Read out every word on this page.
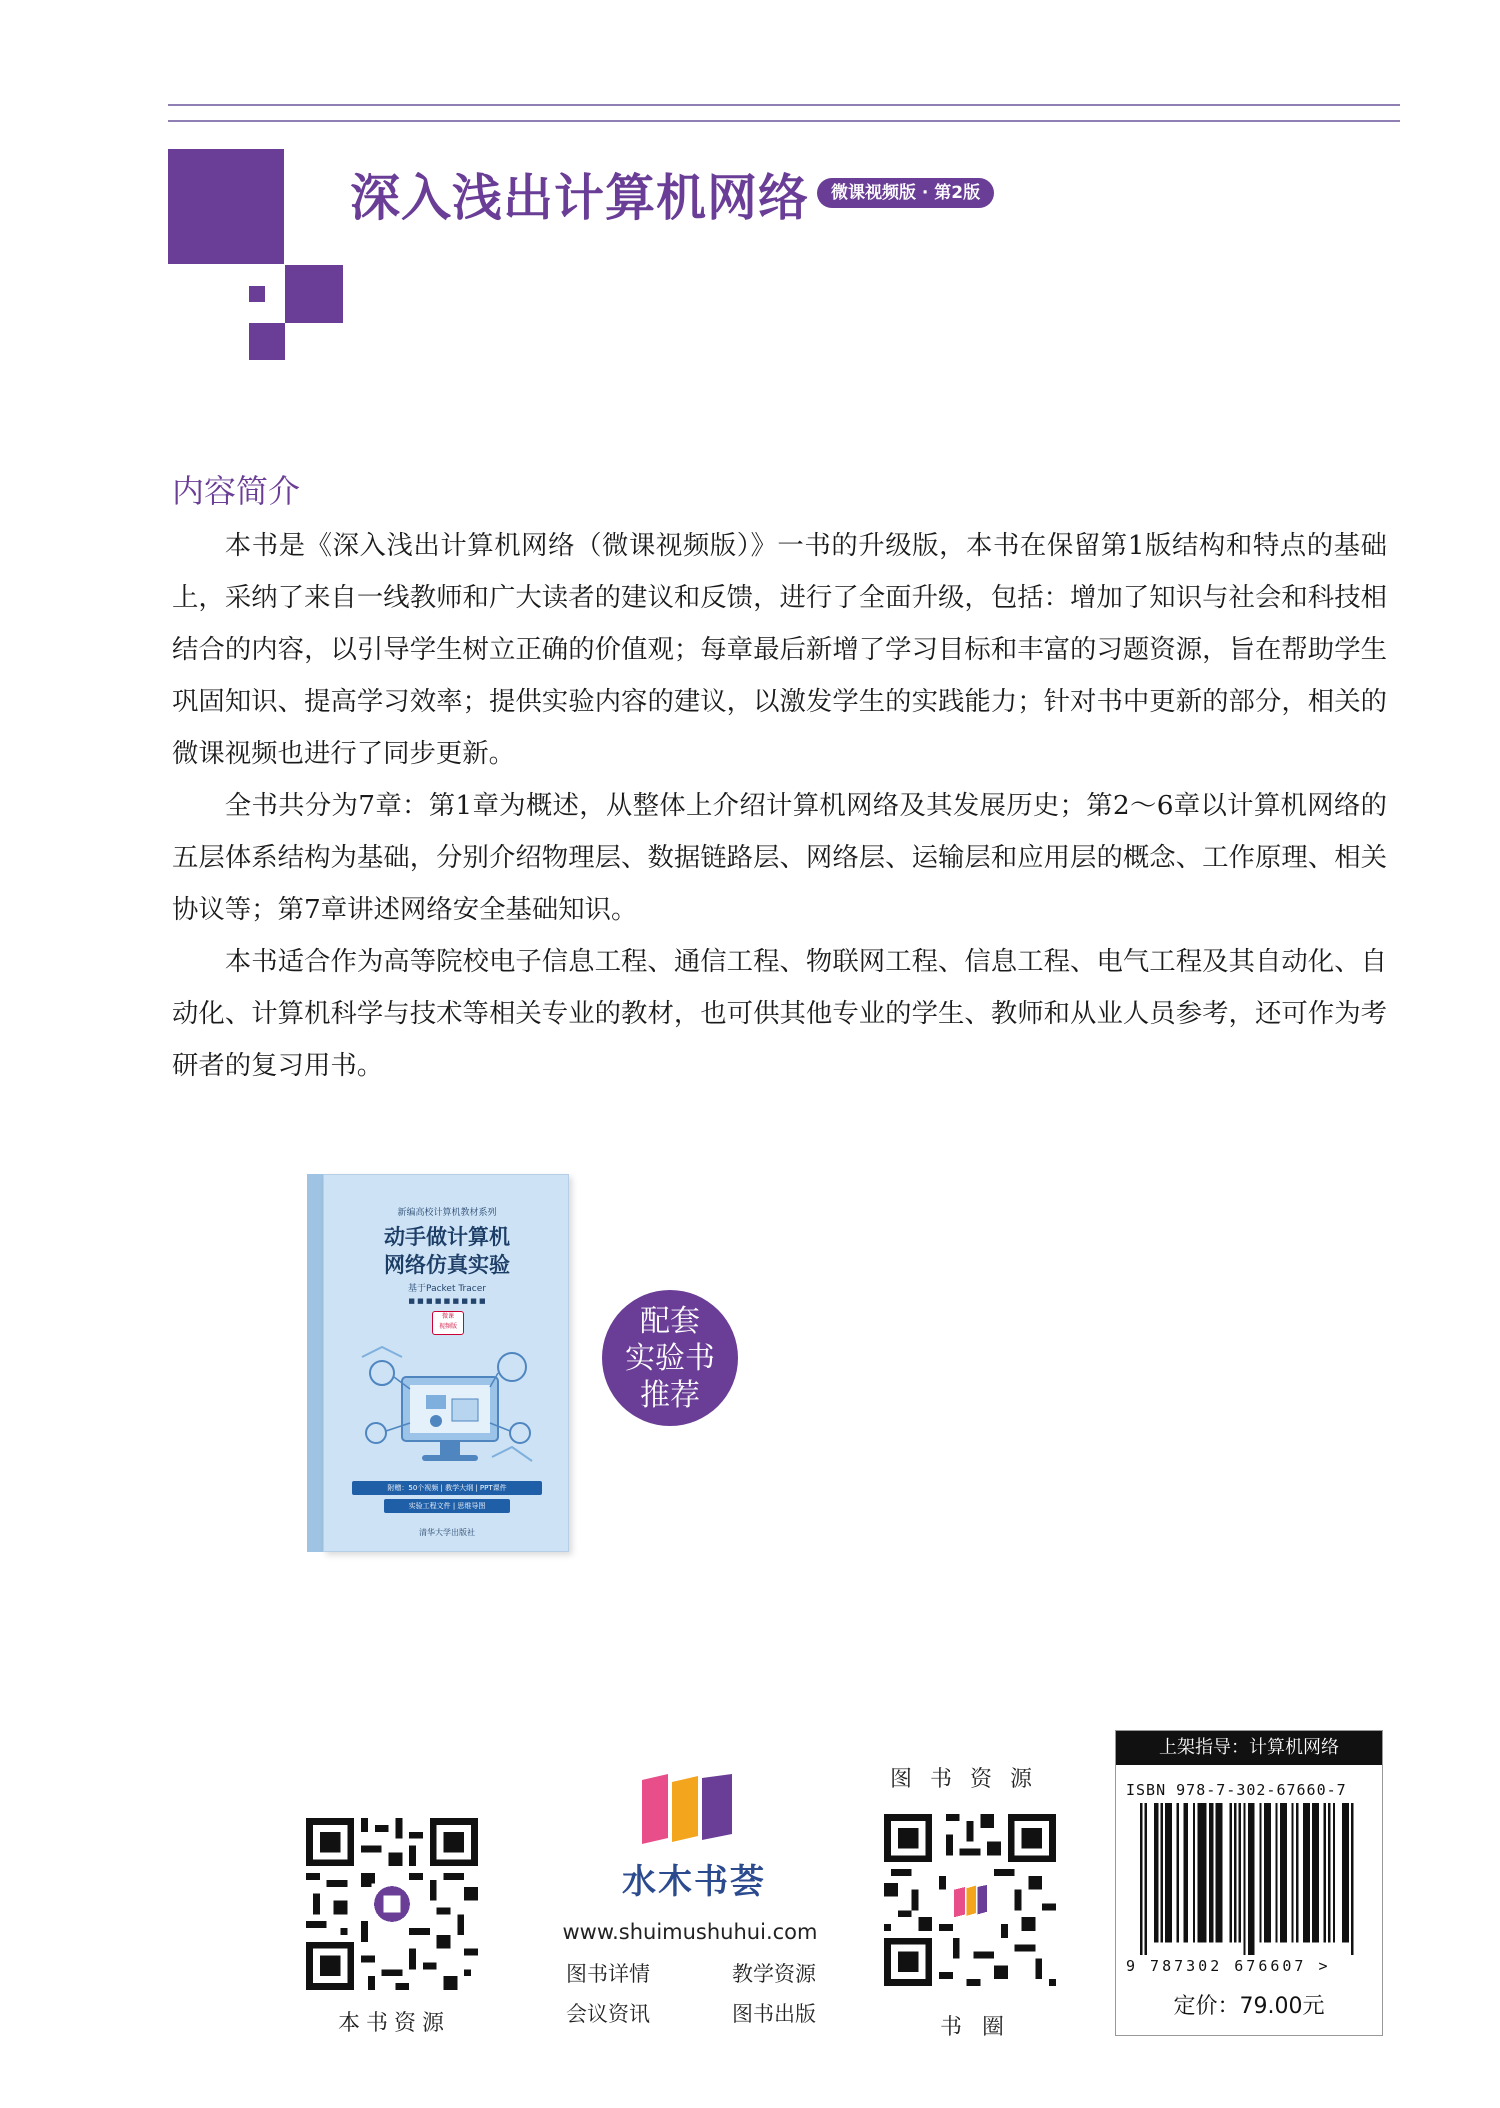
深入浅出计算机网络	微课视频版 · 第2版
内容简介

本书是《深入浅出计算机网络（微课视频版）》一书的升级版，本书在保留第1版结构和特点的基础上，采纳了来自一线教师和广大读者的建议和反馈，进行了全面升级，包括：增加了知识与社会和科技相结合的内容，以引导学生树立正确的价值观；每章最后新增了学习目标和丰富的习题资源，旨在帮助学生巩固知识、提高学习效率；提供实验内容的建议，以激发学生的实践能力；针对书中更新的部分，相关的微课视频也进行了同步更新。

全书共分为7章：第1章为概述，从整体上介绍计算机网络及其发展历史；第2～6章以计算机网络的五层体系结构为基础，分别介绍物理层、数据链路层、网络层、运输层和应用层的概念、工作原理、相关协议等；第7章讲述网络安全基础知识。

本书适合作为高等院校电子信息工程、通信工程、物联网工程、信息工程、电气工程及其自动化、自动化、计算机科学与技术等相关专业的教材，也可供其他专业的学生、教师和从业人员参考，还可作为考研者的复习用书。

新编高校计算机教材系列
动手做计算机
网络仿真实验
基于Packet Tracer
■ ■ ■ ■ ■ ■ ■ ■ ■
微课
视频版
附赠：50个视频 | 教学大纲 | PPT课件
实验工程文件 | 思维导图
清华大学出版社
配套
实验书
推荐
本书资源
水木书荟
www.shuimushuhui.com
图书详情	教学资源
会议资讯	图书出版
图书资源
书圈
上架指导：计算机网络
ISBN 978-7-302-67660-7
9 787302 676607 >
定价：79.00元
